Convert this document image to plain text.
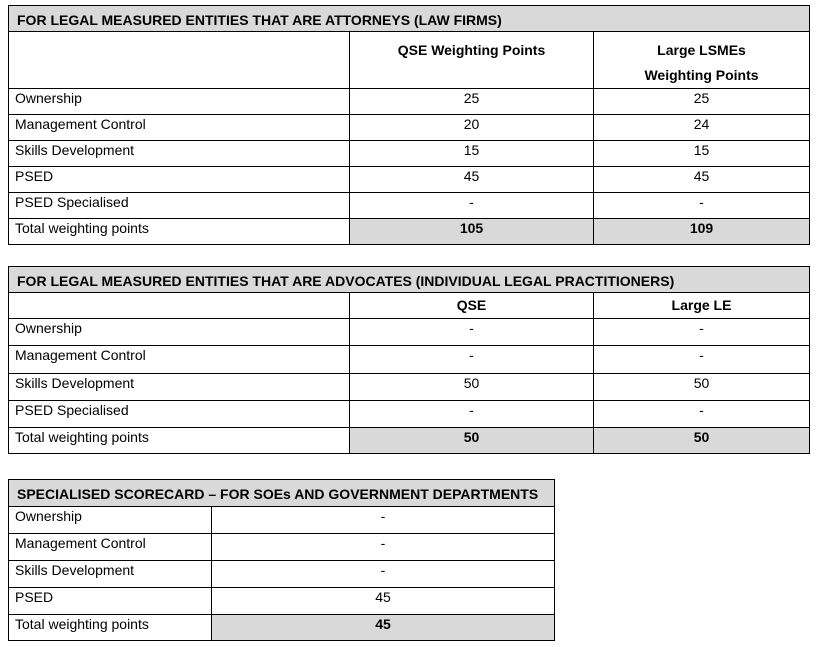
FOR LEGAL MEASURED ENTITIES THAT ARE ATTORNEYS (LAW FIRMS)		
	QSE Weighting Points	Large LSMEs
Weighting Points

Ownership	25	25
Management Control	20	24
Skills Development	15	15
PSED	45	45
PSED Specialised	-	-
Total weighting points	105	109
FOR LEGAL MEASURED ENTITIES THAT ARE ADVOCATES (INDIVIDUAL LEGAL PRACTITIONERS)		
	QSE	Large LE
Ownership	-	-
Management Control	-	-
Skills Development	50	50
PSED Specialised	-	-
Total weighting points	50	50
SPECIALISED SCORECARD – FOR SOEs AND GOVERNMENT DEPARTMENTS	
Ownership	-
Management Control	-
Skills Development	-
PSED	45
Total weighting points	45
